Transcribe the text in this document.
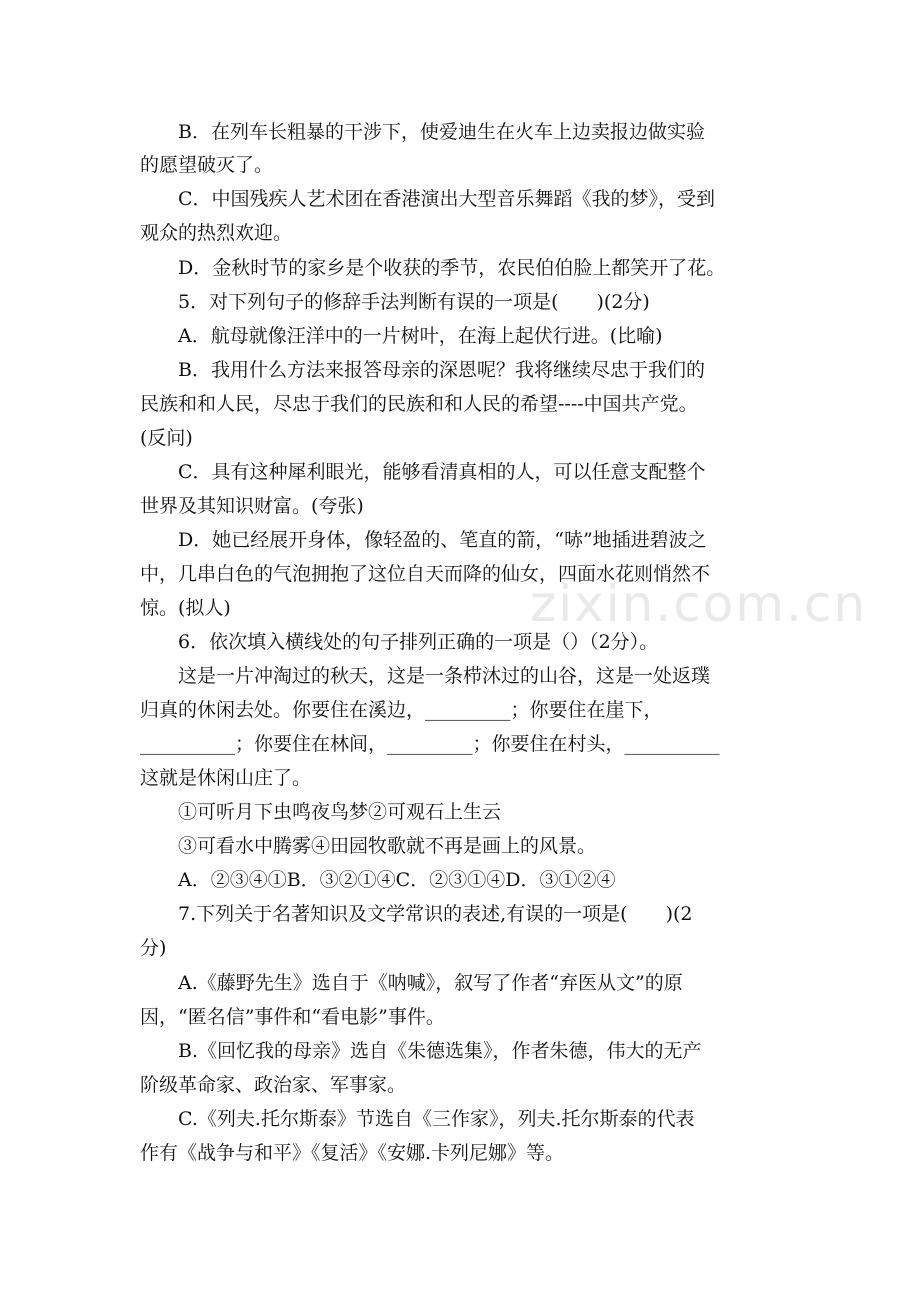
zixin.com.cn
B．在列车长粗暴的干涉下，使爱迪生在火车上边卖报边做实验
的愿望破灭了。
C．中国残疾人艺术团在香港演出大型音乐舞蹈《我的梦》，受到
观众的热烈欢迎。
D．金秋时节的家乡是个收获的季节，农民伯伯脸上都笑开了花。
5．对下列句子的修辞手法判断有误的一项是(　　)(2分)
A．航母就像汪洋中的一片树叶，在海上起伏行进。(比喻)
B．我用什么方法来报答母亲的深恩呢？我将继续尽忠于我们的
民族和和人民，尽忠于我们的民族和和人民的希望----中国共产党。
(反问)
C．具有这种犀利眼光，能够看清真相的人，可以任意支配整个
世界及其知识财富。(夸张)
D．她已经展开身体，像轻盈的、笔直的箭，“哧”地插进碧波之
中，几串白色的气泡拥抱了这位自天而降的仙女，四面水花则悄然不
惊。(拟人)
6．依次填入横线处的句子排列正确的一项是（）（2分）。
这是一片冲淘过的秋天，这是一条栉沐过的山谷，这是一处返璞
归真的休闲去处。你要住在溪边，_________；你要住在崖下，
__________；你要住在林间，_________；你要住在村头，__________
这就是休闲山庄了。
①可听月下虫鸣夜鸟梦②可观石上生云
③可看水中腾雾④田园牧歌就不再是画上的风景。
A．②③④①B．③②①④C．②③①④D．③①②④
7.下列关于名著知识及文学常识的表述,有误的一项是(　　)(2
分)
A.《藤野先生》选自于《呐喊》，叙写了作者“弃医从文”的原
因，“匿名信”事件和“看电影”事件。
B.《回忆我的母亲》选自《朱德选集》，作者朱德，伟大的无产
阶级革命家、政治家、军事家。
C.《列夫.托尔斯泰》节选自《三作家》，列夫.托尔斯泰的代表
作有《战争与和平》《复活》《安娜.卡列尼娜》等。
